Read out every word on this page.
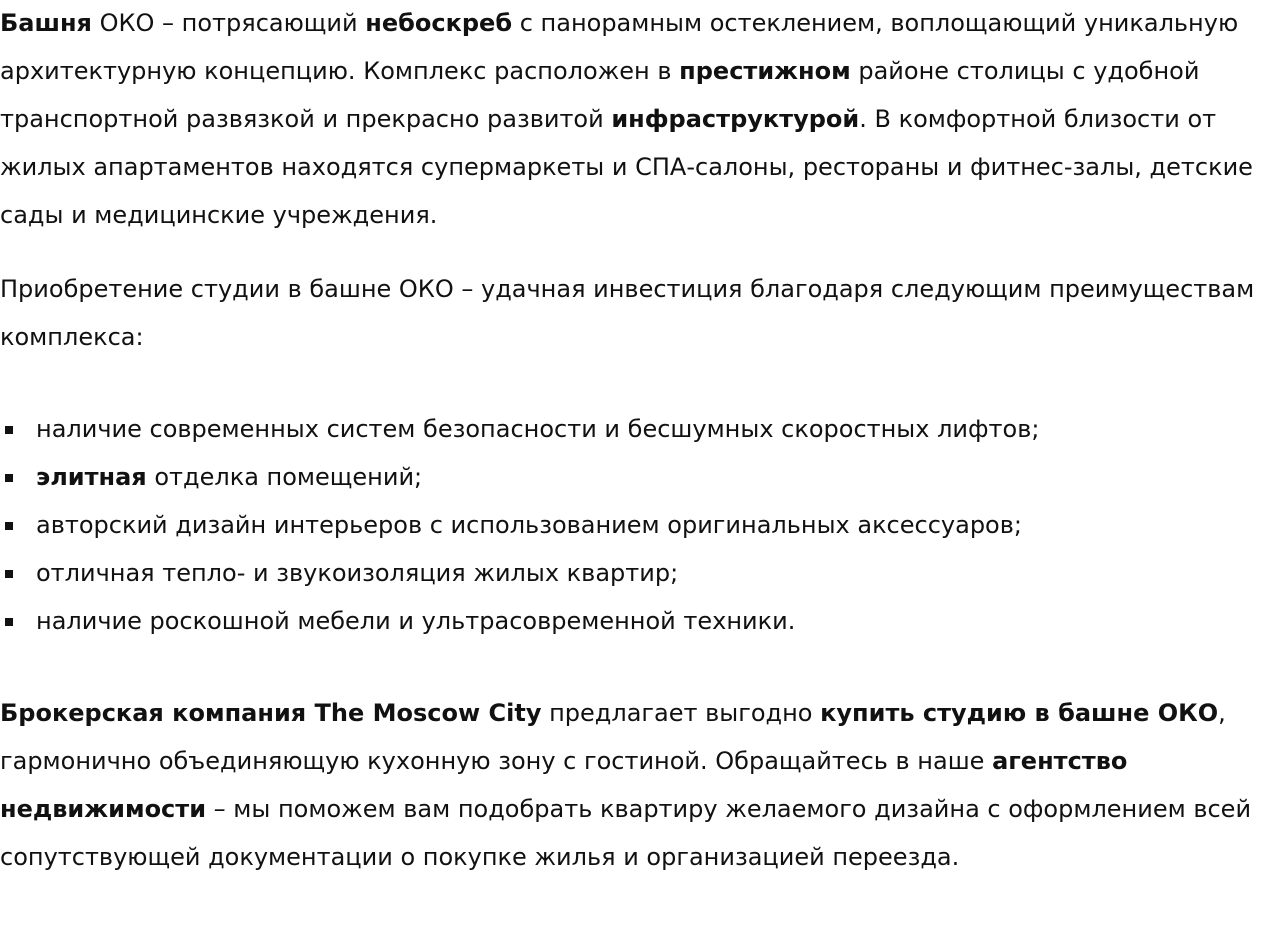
Башня ОКО – потрясающий небоскреб с панорамным остеклением, воплощающий уникальную архитектурную концепцию. Комплекс расположен в престижном районе столицы с удобной транспортной развязкой и прекрасно развитой инфраструктурой. В комфортной близости от жилых апартаментов находятся супермаркеты и СПА-салоны, рестораны и фитнес-залы, детские сады и медицинские учреждения.

Приобретение студии в башне ОКО – удачная инвестиция благодаря следующим преимуществам комплекса:

наличие современных систем безопасности и бесшумных скоростных лифтов;
элитная отделка помещений;
авторский дизайн интерьеров с использованием оригинальных аксессуаров;
отличная тепло- и звукоизоляция жилых квартир;
наличие роскошной мебели и ультрасовременной техники.

Брокерская компания The Moscow City предлагает выгодно купить студию в башне ОКО, гармонично объединяющую кухонную зону с гостиной. Обращайтесь в наше агентство недвижимости – мы поможем вам подобрать квартиру желаемого дизайна с оформлением всей сопутствующей документации о покупке жилья и организацией переезда.
